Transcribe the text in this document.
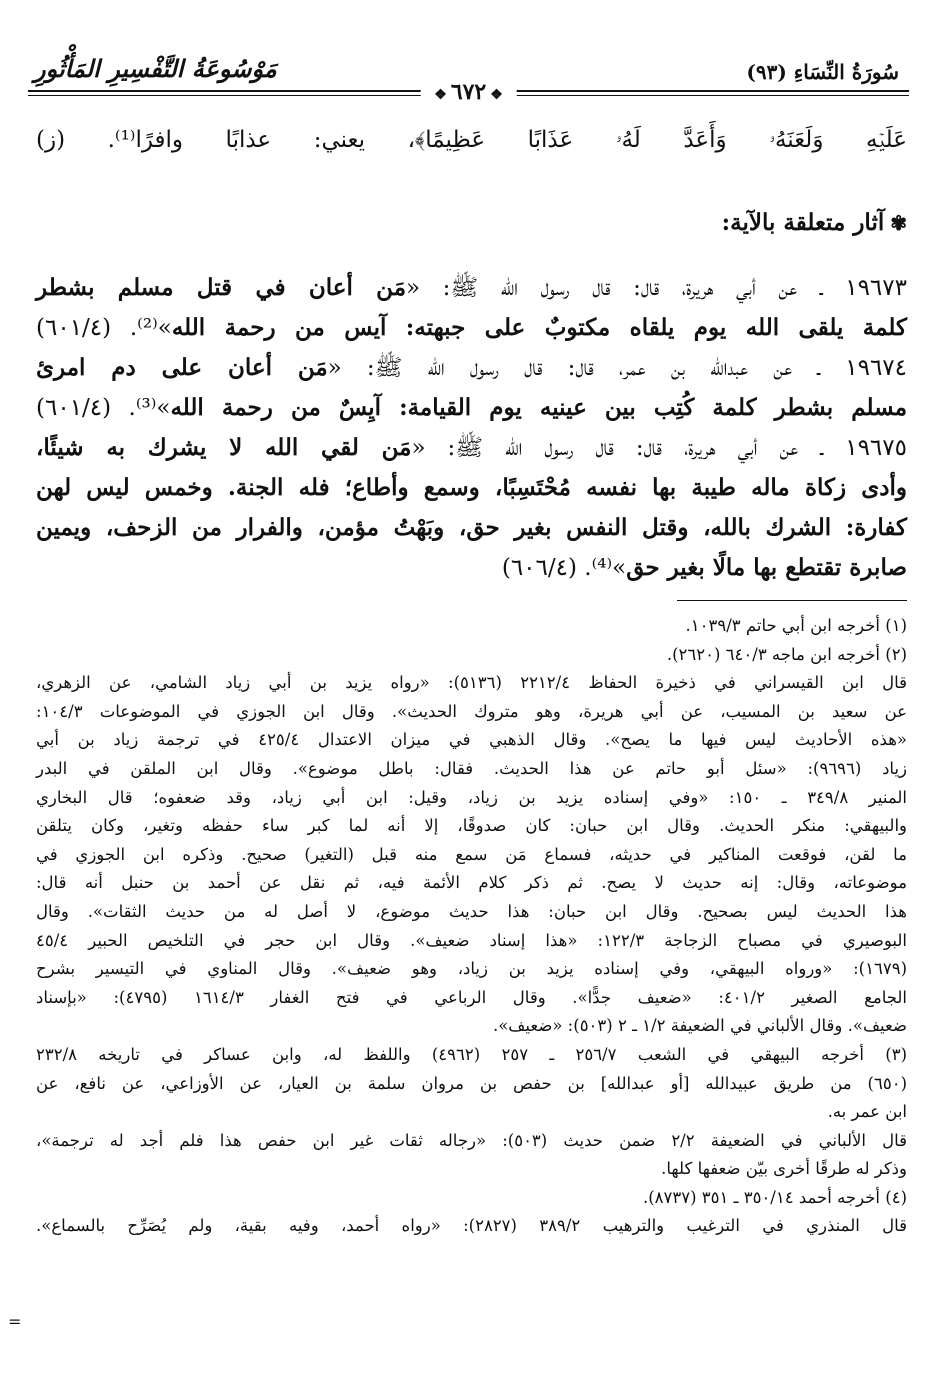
سُورَةُ النِّسَاءِ (٩٣)
مَوْسُوعَةُ التَّفْسِيرِ المَأْثُورِ
❖٦٧٢❖

عَلَيۡهِ وَلَعَنَهُۥ وَأَعَدَّ لَهُۥ عَذَابًا عَظِيمًا﴾، يعني: عذابًا وافرًا⁽¹⁾. (ز)

✾آثار متعلقة بالآية:

١٩٦٧٣ ـ عن أبي هريرة، قال: قال رسول الله ﷺ: «مَن أعان في قتل مسلم بشطر

كلمة يلقى الله يوم يلقاه مكتوبٌ على جبهته: آيس من رحمة الله»⁽²⁾. (٦٠١/٤)

١٩٦٧٤ ـ عن عبدالله بن عمر، قال: قال رسول الله ﷺ: «مَن أعان على دم امرئ

مسلم بشطر كلمة كُتِب بين عينيه يوم القيامة: آيِسٌ من رحمة الله»⁽³⁾. (٦٠١/٤)

١٩٦٧٥ ـ عن أبي هريرة، قال: قال رسول الله ﷺ: «مَن لقي الله لا يشرك به شيئًا،

وأدى زكاة ماله طيبة بها نفسه مُحْتَسِبًا، وسمع وأطاع؛ فله الجنة. وخمس ليس لهن

كفارة: الشرك بالله، وقتل النفس بغير حق، وبَهْتُ مؤمن، والفرار من الزحف، ويمين

صابرة تقتطع بها مالًا بغير حق»⁽⁴⁾. (٦٠٦/٤)

(١) أخرجه ابن أبي حاتم ١٠٣٩/٣.

(٢) أخرجه ابن ماجه ٦٤٠/٣ (٢٦٢٠).

قال ابن القيسراني في ذخيرة الحفاظ ٢٢١٢/٤ (٥١٣٦): «رواه يزيد بن أبي زياد الشامي، عن الزهري،

عن سعيد بن المسيب، عن أبي هريرة، وهو متروك الحديث». وقال ابن الجوزي في الموضوعات ١٠٤/٣:

«هذه الأحاديث ليس فيها ما يصح». وقال الذهبي في ميزان الاعتدال ٤٢٥/٤ في ترجمة زياد بن أبي

زياد (٩٦٩٦): «سئل أبو حاتم عن هذا الحديث. فقال: باطل موضوع». وقال ابن الملقن في البدر

المنير ٣٤٩/٨ ـ ١٥٠: «وفي إسناده يزيد بن زياد، وقيل: ابن أبي زياد، وقد ضعفوه؛ قال البخاري

والبيهقي: منكر الحديث. وقال ابن حبان: كان صدوقًا، إلا أنه لما كبر ساء حفظه وتغير، وكان يتلقن

ما لقن، فوقعت المناكير في حديثه، فسماع مَن سمع منه قبل (التغير) صحيح. وذكره ابن الجوزي في

موضوعاته، وقال: إنه حديث لا يصح. ثم ذكر كلام الأئمة فيه، ثم نقل عن أحمد بن حنبل أنه قال:

هذا الحديث ليس بصحيح. وقال ابن حبان: هذا حديث موضوع، لا أصل له من حديث الثقات». وقال

البوصيري في مصباح الزجاجة ١٢٢/٣: «هذا إسناد ضعيف». وقال ابن حجر في التلخيص الحبير ٤٥/٤

(١٦٧٩): «ورواه البيهقي، وفي إسناده يزيد بن زياد، وهو ضعيف». وقال المناوي في التيسير بشرح

الجامع الصغير ٤٠١/٢: «ضعيف جدًّا». وقال الرباعي في فتح الغفار ١٦١٤/٣ (٤٧٩٥): «بإسناد

ضعيف». وقال الألباني في الضعيفة ١/٢ ـ ٢ (٥٠٣): «ضعيف».

(٣) أخرجه البيهقي في الشعب ٢٥٦/٧ ـ ٢٥٧ (٤٩٦٢) واللفظ له، وابن عساكر في تاريخه ٢٣٢/٨

(٦٥٠) من طريق عبيدالله [أو عبدالله] بن حفص بن مروان سلمة بن العيار، عن الأوزاعي، عن نافع، عن

ابن عمر به.

قال الألباني في الضعيفة ٢/٢ ضمن حديث (٥٠٣): «رجاله ثقات غير ابن حفص هذا فلم أجد له ترجمة»،

وذكر له طرقًا أخرى بيّن ضعفها كلها.

(٤) أخرجه أحمد ٣٥٠/١٤ ـ ٣٥١ (٨٧٣٧).

قال المنذري في الترغيب والترهيب ٣٨٩/٢ (٢٨٢٧): «رواه أحمد، وفيه بقية، ولم يُصَرِّح بالسماع».

=
